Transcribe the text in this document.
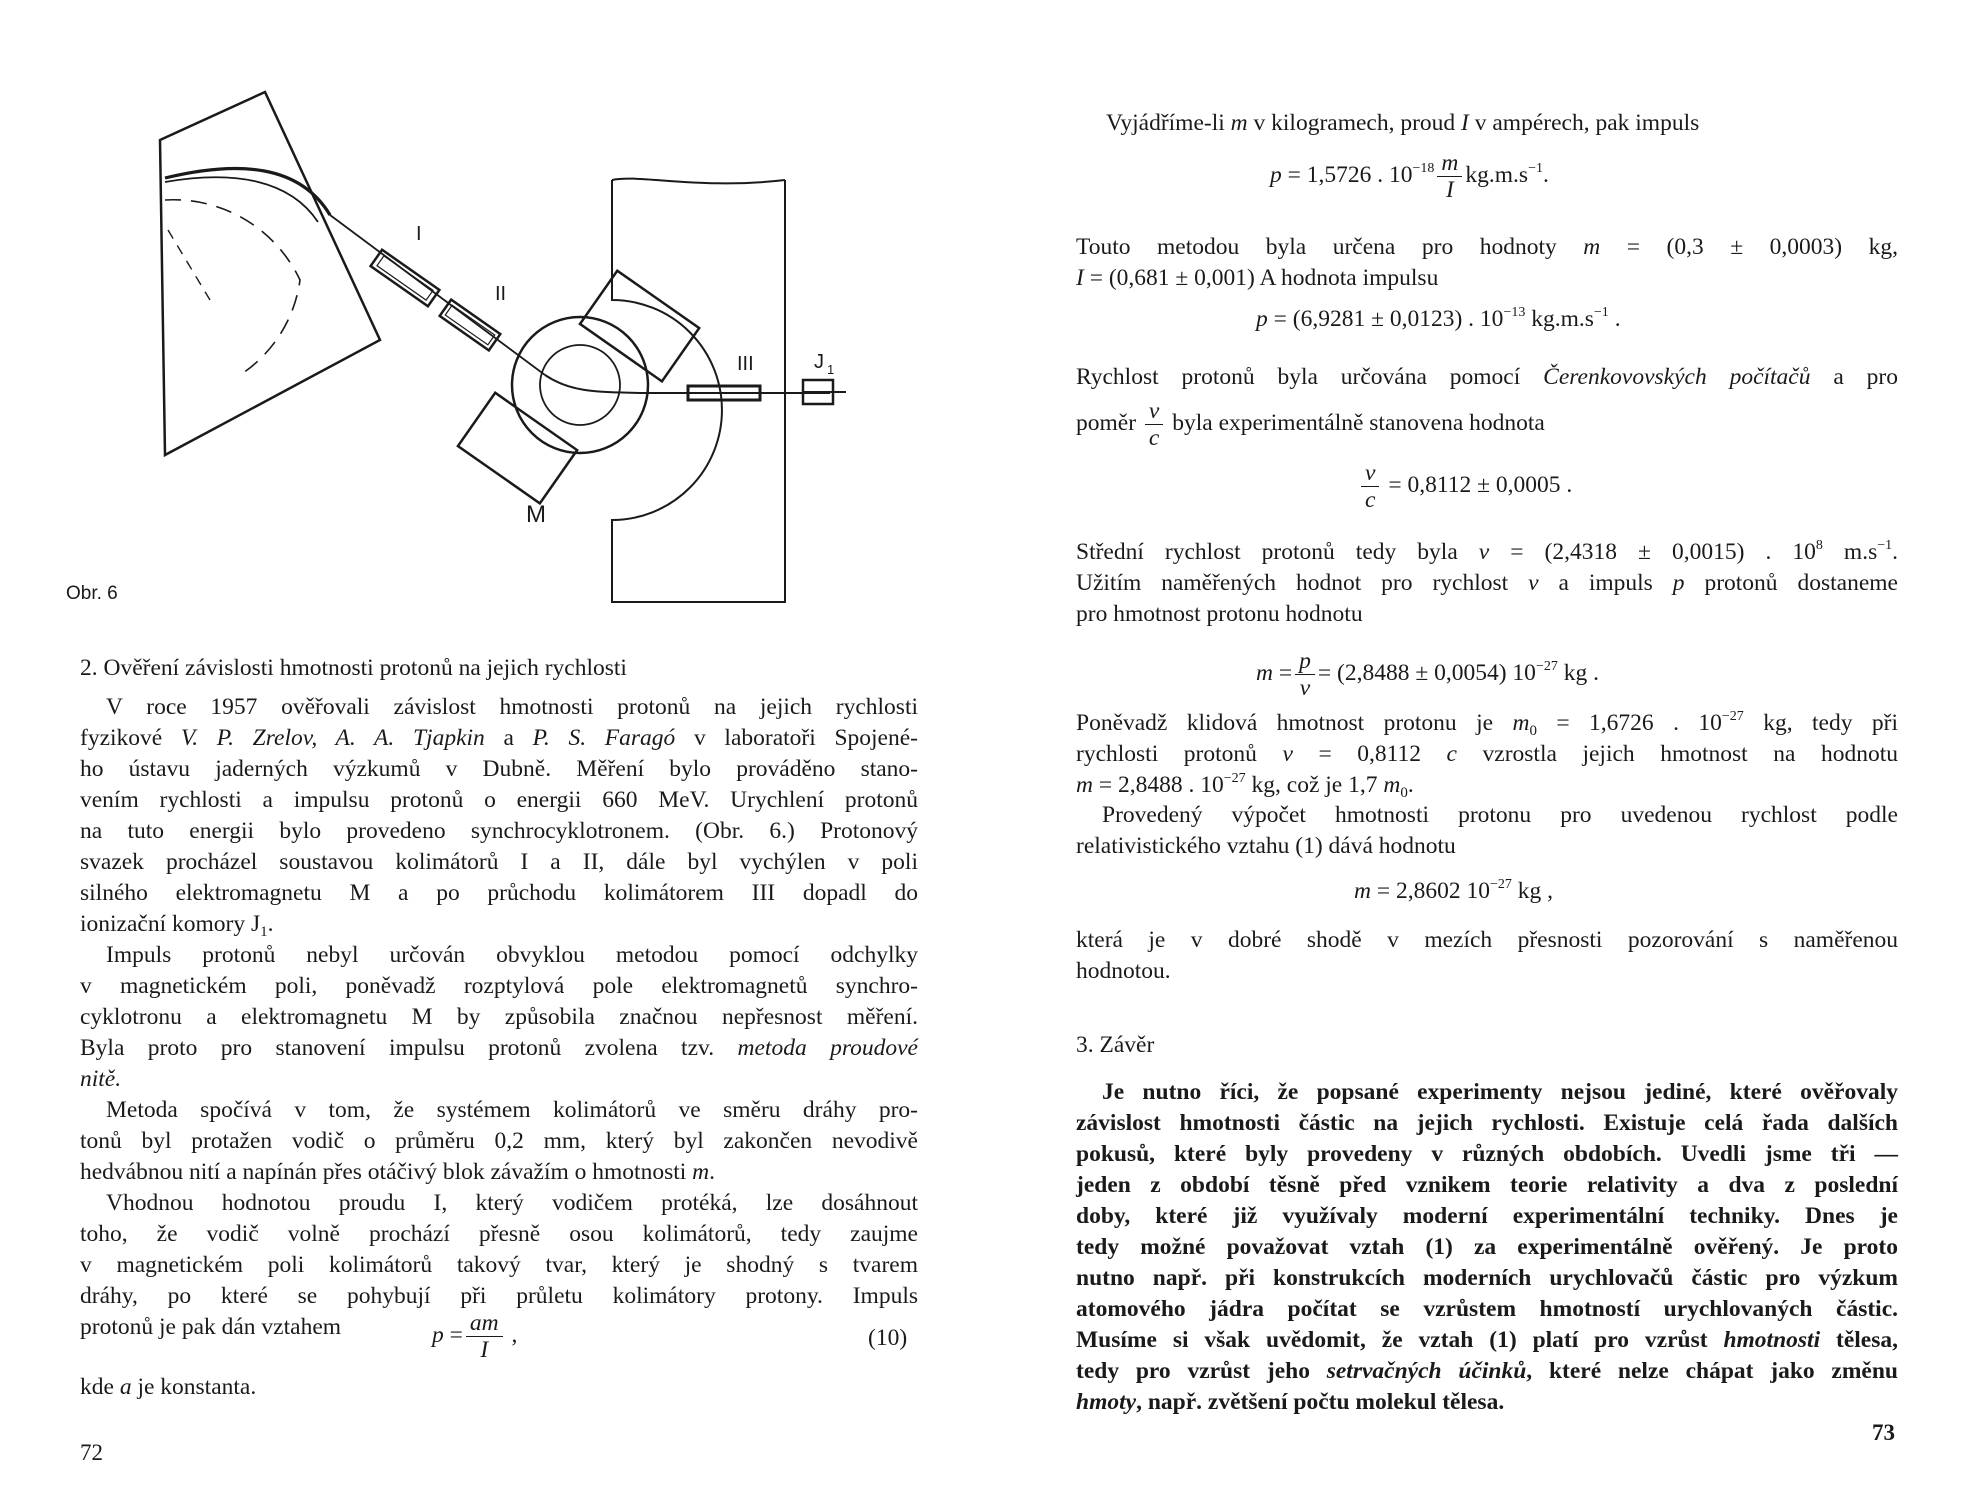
III
I
II
J 1
M
Obr. 6
2. Ověření závislosti hmotnosti protonů na jejich rychlosti
V roce 1957 ověřovali závislost hmotnosti protonů na jejich rychlosti
fyzikové V. P. Zrelov, A. A. Tjapkin a P. S. Faragó v laboratoři Spojené-
ho ústavu jaderných výzkumů v Dubně. Měření bylo prováděno stano-
vením rychlosti a impulsu protonů o energii 660 MeV. Urychlení protonů
na tuto energii bylo provedeno synchrocyklotronem. (Obr. 6.) Protonový
svazek procházel soustavou kolimátorů I a II, dále byl vychýlen v poli
silného elektromagnetu M a po průchodu kolimátorem III dopadl do
ionizační komory $J_1$.
Impuls protonů nebyl určován obvyklou metodou pomocí odchylky
v magnetickém poli, poněvadž rozptylová pole elektromagnetů synchro-
cyklotronu a elektromagnetu M by způsobila značnou nepřesnost měření.
Byla proto pro stanovení impulsu protonů zvolena tzv. metoda proudové
nitě.
Metoda spočívá v tom, že systémem kolimátorů ve směru dráhy pro-
tonů byl protažen vodič o průměru 0,2 mm, který byl zakončen nevodivě
hedvábnou nití a napínán přes otáčivý blok závažím o hmotnosti m.
Vhodnou hodnotou proudu I, který vodičem protéká, lze dosáhnout
toho, že vodič volně prochází přesně osou kolimátorů, tedy zaujme
v magnetickém poli kolimátorů takový tvar, který je shodný s tvarem
dráhy, po které se pohybují při průletu kolimátory protony. Impuls
protonů je pak dán vztahem	$p = \frac{am}{I}$ ,	(10)
kde a je konstanta.
72
Vyjádříme-li m v kilogramech, proud I v ampérech, pak impuls
p = 1,5726 . $10^{-18} \frac{m}{I} kg.m.s^{-1}$.
Touto metodou byla určena pro hodnoty m = (0,3 ± 0,0003) kg,
I = (0,681 ± 0,001) A hodnota impulsu
p = (6,9281 ± 0,0123) . $10^{-13}$ $kg.m.s^{-1}$ .
Rychlost protonů byla určována pomocí Čerenkovovských počítačů a pro
poměr $\frac{v}{c}$ byla experimentálně stanovena hodnota
$\frac{v}{c} = 0,8112 \pm 0,0005$ .
Střední rychlost protonů tedy byla v = (2,4318 ± 0,0015) . $10^8$ $m.s^{-1}$.
Užitím naměřených hodnot pro rychlost v a impuls p protonů dostaneme
pro hmotnost protonu hodnotu
$m = \frac{p}{v} = (2,8488 \pm 0,0054)$ $10^{-27}$ kg .
Poněvadž klidová hmotnost protonu je $m_0 = 1,6726$ . $10^{-27}$ kg, tedy při
rychlosti protonů v = 0,8112 c vzrostla jejich hmotnost na hodnotu
m = 2,8488 . $10^{-27}$ kg, což je 1,7 $m_0$.
Provedený výpočet hmotnosti protonu pro uvedenou rychlost podle
relativistického vztahu (1) dává hodnotu
m = 2,8602 $10^{-27}$ kg ,
která je v dobré shodě v mezích přesnosti pozorování s naměřenou
hodnotou.
3. Závěr
Je nutno říci, že popsané experimenty nejsou jediné, které ověřovaly
závislost hmotnosti částic na jejich rychlosti. Existuje celá řada dalších
pokusů, které byly provedeny v různých obdobích. Uvedli jsme tři —
jeden z období těsně před vznikem teorie relativity a dva z poslední
doby, které již využívaly moderní experimentální techniky. Dnes je
tedy možné považovat vztah (1) za experimentálně ověřený. Je proto
nutno např. při konstrukcích moderních urychlovačů částic pro výzkum
atomového jádra počítat se vzrůstem hmotností urychlovaných částic.
Musíme si však uvědomit, že vztah (1) platí pro vzrůst hmotnosti tělesa,
tedy pro vzrůst jeho setrvačných účinků, které nelze chápat jako změnu
hmoty, např. zvětšení počtu molekul tělesa.
73
